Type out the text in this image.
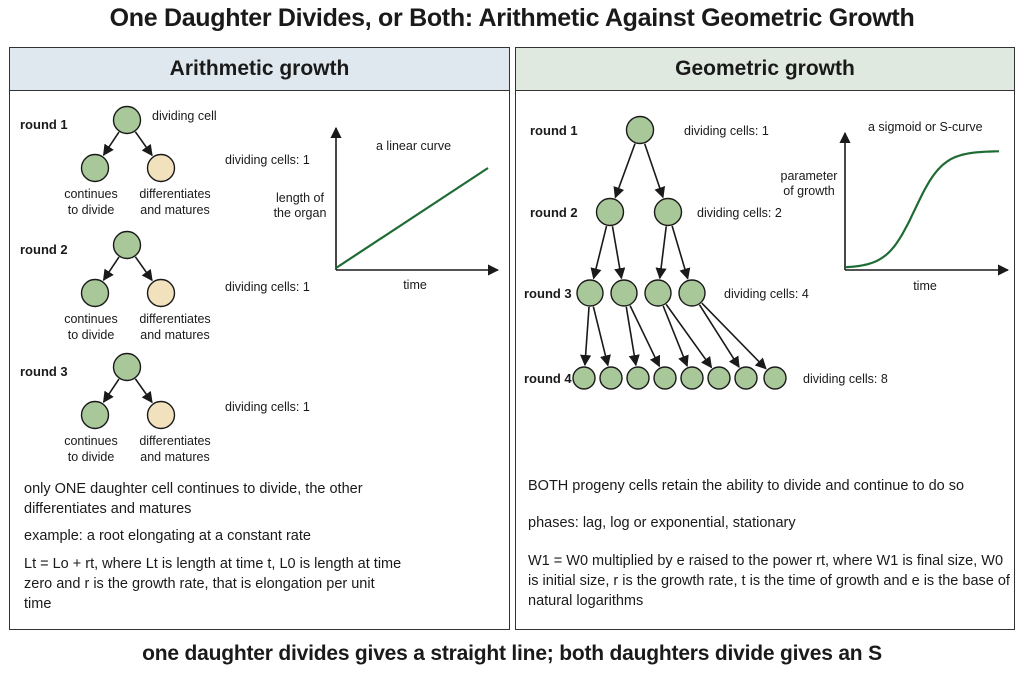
One Daughter Divides, or Both: Arithmetic Against Geometric Growth
Arithmetic growth	Geometric growth
round 1
dividing cell
continues
to divide
differentiates
and matures
dividing cells: 1
round 2
continues
to divide
differentiates
and matures
dividing cells: 1
round 3
continues
to divide
differentiates
and matures
dividing cells: 1
a linear curve
length of
the organ
time
round 1	dividing cells: 1
round 2	dividing cells: 2
round 3	dividing cells: 4
round 4	dividing cells: 8
a sigmoid or S-curve
parameter
of growth
time
only ONE daughter cell continues to divide, the other differentiates and matures
example: a root elongating at a constant rate
Lt = Lo + rt, where Lt is length at time t, L0 is length at time zero and r is the growth rate, that is elongation per unit time
BOTH progeny cells retain the ability to divide and continue to do so
phases: lag, log or exponential, stationary
W1 = W0 multiplied by e raised to the power rt, where W1 is final size, W0 is initial size, r is the growth rate, t is the time of growth and e is the base of natural logarithms
one daughter divides gives a straight line; both daughters divide gives an S
